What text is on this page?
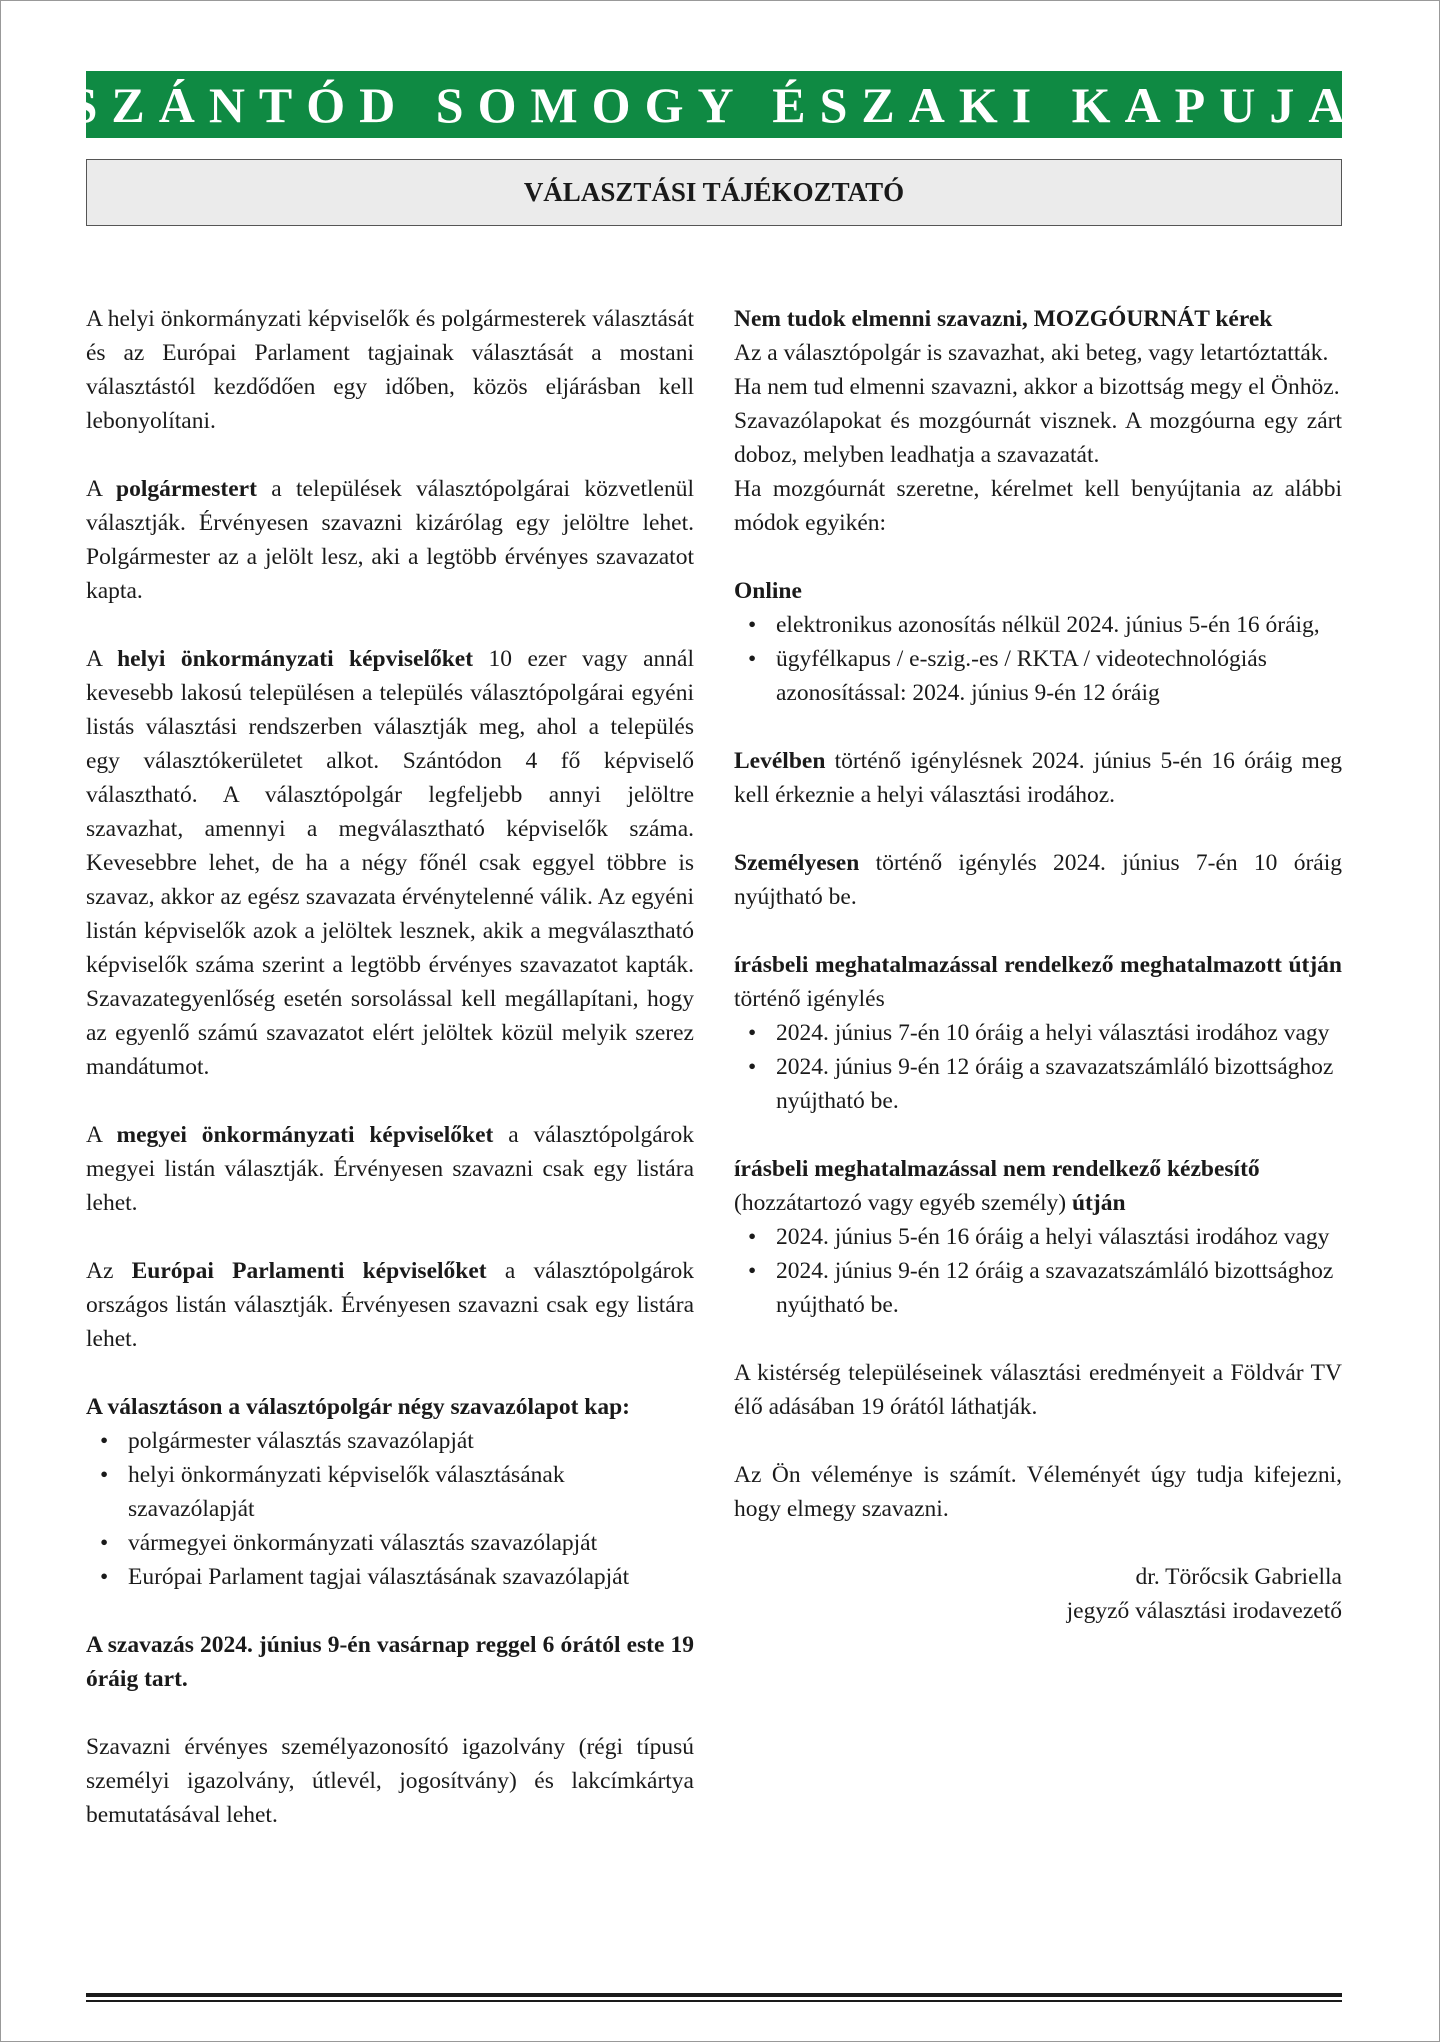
SZÁNTÓD SOMOGY ÉSZAKI KAPUJA
VÁLASZTÁSI TÁJÉKOZTATÓ

A helyi önkormányzati képviselők és polgármesterek választását és az Európai Parlament tagjainak választását a mostani választástól kezdődően egy időben, közös eljárásban kell lebonyolítani.

A polgármestert a települések választópolgárai közvetlenül választják. Érvényesen szavazni kizárólag egy jelöltre lehet. Polgármester az a jelölt lesz, aki a legtöbb érvényes szavazatot kapta.

A helyi önkormányzati képviselőket 10 ezer vagy annál kevesebb lakosú településen a település választópolgárai egyéni listás választási rendszerben választják meg, ahol a település egy választókerületet alkot. Szántódon 4 fő képviselő választható. A választópolgár legfeljebb annyi jelöltre szavazhat, amennyi a megválasztható képviselők száma. Kevesebbre lehet, de ha a négy főnél csak eggyel többre is szavaz, akkor az egész szavazata érvénytelenné válik. Az egyéni listán képviselők azok a jelöltek lesznek, akik a megválasztható képviselők száma szerint a legtöbb érvényes szavazatot kapták. Szavazategyenlőség esetén sorsolással kell megállapítani, hogy az egyenlő számú szavazatot elért jelöltek közül melyik szerez mandátumot.

A megyei önkormányzati képviselőket a választópolgárok megyei listán választják. Érvényesen szavazni csak egy listára lehet.

Az Európai Parlamenti képviselőket a választópolgárok országos listán választják. Érvényesen szavazni csak egy listára lehet.

A választáson a választópolgár négy szavazólapot kap:

• polgármester választás szavazólapját
• helyi önkormányzati képviselők választásának szavazólapját
• vármegyei önkormányzati választás szavazólapját
• Európai Parlament tagjai választásának szavazólapját

A szavazás 2024. június 9-én vasárnap reggel 6 órától este 19 óráig tart.

Szavazni érvényes személyazonosító igazolvány (régi típusú személyi igazolvány, útlevél, jogosítvány) és lakcímkártya bemutatásával lehet.

Nem tudok elmenni szavazni, MOZGÓURNÁT kérek

Az a választópolgár is szavazhat, aki beteg, vagy letartóztatták.

Ha nem tud elmenni szavazni, akkor a bizottság megy el Önhöz.

Szavazólapokat és mozgóurnát visznek. A mozgóurna egy zárt doboz, melyben leadhatja a szavazatát.

Ha mozgóurnát szeretne, kérelmet kell benyújtania az alábbi módok egyikén:

Online

• elektronikus azonosítás nélkül 2024. június 5-én 16 óráig,
• ügyfélkapus / e-szig.-es / RKTA / videotechnológiás azonosítással: 2024. június 9-én 12 óráig

Levélben történő igénylésnek 2024. június 5-én 16 óráig meg kell érkeznie a helyi választási irodához.

Személyesen történő igénylés 2024. június 7-én 10 óráig nyújtható be.

írásbeli meghatalmazással rendelkező meghatalmazott útján történő igénylés

• 2024. június 7-én 10 óráig a helyi választási irodához vagy
• 2024. június 9-én 12 óráig a szavazatszámláló bizottsághoz nyújtható be.

írásbeli meghatalmazással nem rendelkező kézbesítő
(hozzátartozó vagy egyéb személy) útján

• 2024. június 5-én 16 óráig a helyi választási irodához vagy
• 2024. június 9-én 12 óráig a szavazatszámláló bizottsághoz nyújtható be.

A kistérség településeinek választási eredményeit a Földvár TV élő adásában 19 órától láthatják.

Az Ön véleménye is számít. Véleményét úgy tudja kifejezni, hogy elmegy szavazni.

dr. Törőcsik Gabriella

jegyző választási irodavezető
